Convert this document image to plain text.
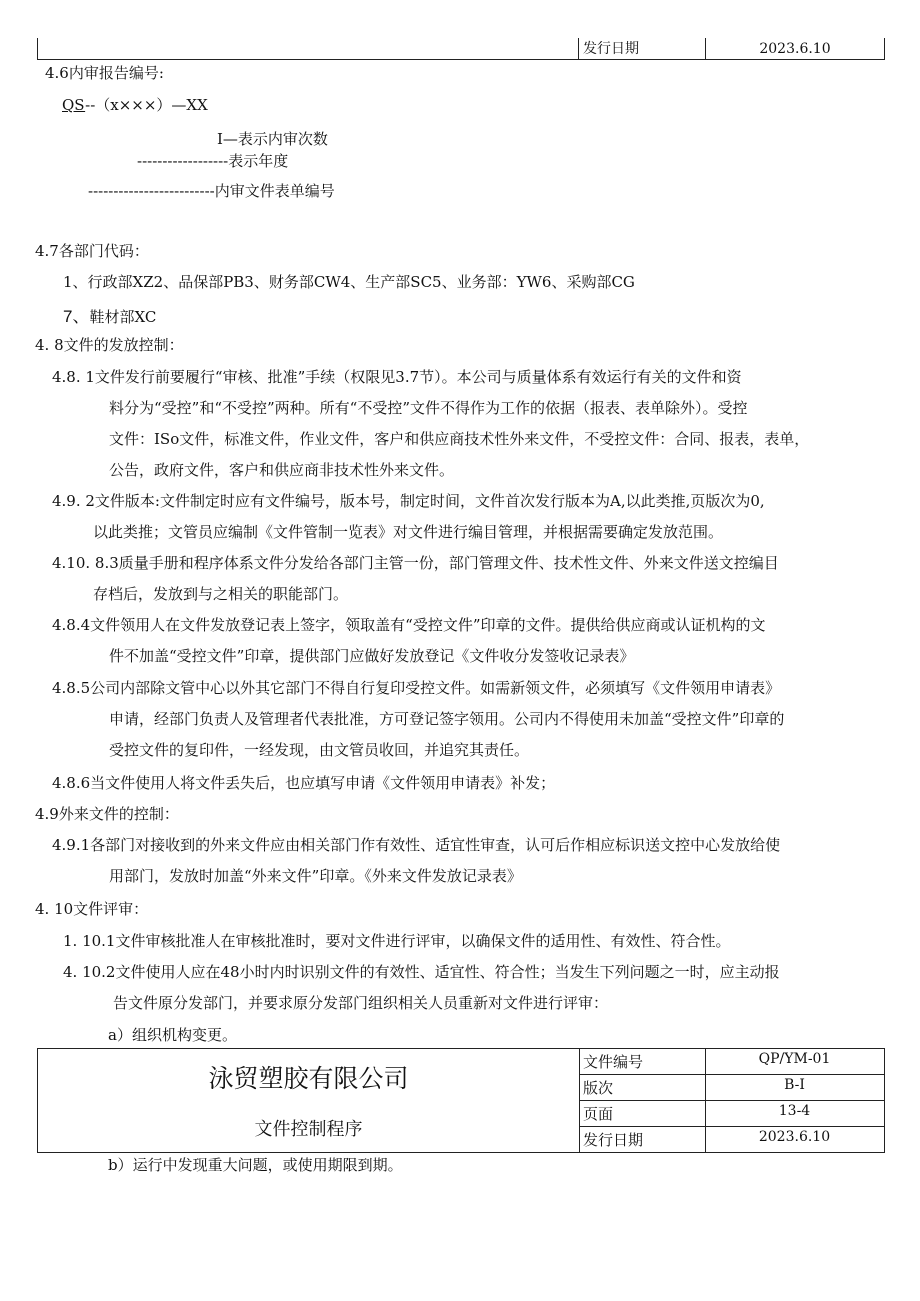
发行日期	2023.6.10
4.6内审报告编号:
QS--（x×××）—XX
I—表示内审次数
------------------表示年度
-------------------------内审文件表单编号
4.7各部门代码：
1、行政部XZ2、品保部PB3、财务部CW4、生产部SC5、业务部：YW6、采购部CG
7、鞋材部XC
4. 8文件的发放控制：
4.8. 1文件发行前要履行“审核、批准”手续（权限见3.7节）。本公司与质量体系有效运行有关的文件和资
料分为“受控”和“不受控”两种。所有“不受控”文件不得作为工作的依据（报表、表单除外）。受控
文件：ISo文件，标准文件，作业文件，客户和供应商技术性外来文件，不受控文件：合同、报表，表单，
公告，政府文件，客户和供应商非技术性外来文件。
4.9. 2文件版本:文件制定时应有文件编号，版本号，制定时间，文件首次发行版本为A,以此类推,页版次为0,
以此类推；文管员应编制《文件管制一览表》对文件进行编目管理，并根据需要确定发放范围。
4.10. 8.3质量手册和程序体系文件分发给各部门主管一份，部门管理文件、技术性文件、外来文件送文控编目
存档后，发放到与之相关的职能部门。
4.8.4文件领用人在文件发放登记表上签字，领取盖有“受控文件”印章的文件。提供给供应商或认证机构的文
件不加盖“受控文件”印章，提供部门应做好发放登记《文件收分发签收记录表》
4.8.5公司内部除文管中心以外其它部门不得自行复印受控文件。如需新领文件，必须填写《文件领用申请表》
申请，经部门负责人及管理者代表批准，方可登记签字领用。公司内不得使用未加盖“受控文件”印章的
受控文件的复印件，一经发现，由文管员收回，并追究其责任。
4.8.6当文件使用人将文件丢失后，也应填写申请《文件领用申请表》补发；
4.9外来文件的控制：
4.9.1各部门对接收到的外来文件应由相关部门作有效性、适宜性审查，认可后作相应标识送文控中心发放给使
用部门，发放时加盖“外来文件”印章。《外来文件发放记录表》
4. 10文件评审：
1. 10.1文件审核批准人在审核批准时，要对文件进行评审，以确保文件的适用性、有效性、符合性。
4. 10.2文件使用人应在48小时内时识别文件的有效性、适宜性、符合性；当发生下列问题之一时，应主动报
告文件原分发部门，并要求原分发部门组织相关人员重新对文件进行评审：
a）组织机构变更。
泳贸塑胶有限公司
文件控制程序
文件编号	QP/YM-01
版次	B-I
页面	13-4
发行日期	2023.6.10
b）运行中发现重大问题，或使用期限到期。
